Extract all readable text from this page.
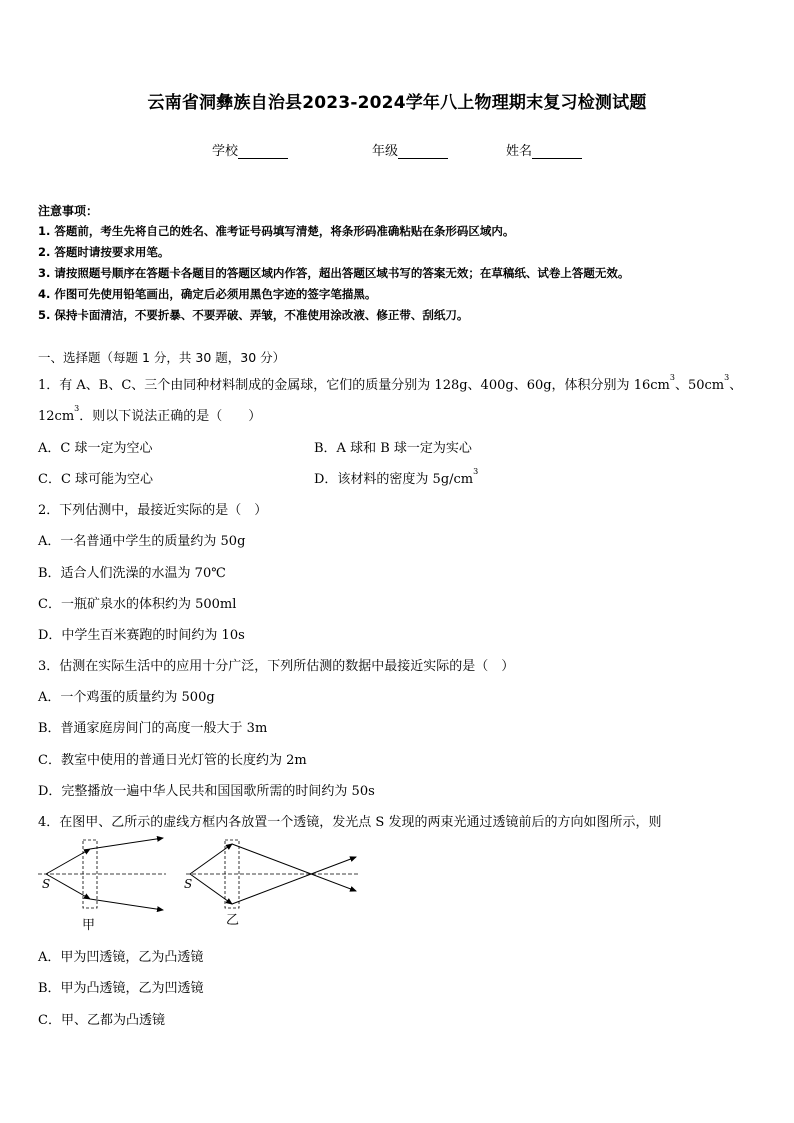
云南省洞彝族自治县2023-2024学年八上物理期末复习检测试题
学校	年级	姓名
注意事项：
1. 答题前，考生先将自己的姓名、准考证号码填写清楚，将条形码准确粘贴在条形码区域内。
2. 答题时请按要求用笔。
3. 请按照题号顺序在答题卡各题目的答题区域内作答，超出答题区域书写的答案无效；在草稿纸、试卷上答题无效。
4. 作图可先使用铅笔画出，确定后必须用黑色字迹的签字笔描黑。
5. 保持卡面清洁，不要折暴、不要弄破、弄皱，不准使用涂改液、修正带、刮纸刀。
一、选择题（每题 1 分，共 30 题，30 分）
1．有 A、B、C、三个由同种材料制成的金属球，它们的质量分别为 128g、400g、60g，体积分别为 $16cm^3$、$50cm^3$、
$12cm^3$．则以下说法正确的是（　　）
A．C 球一定为空心	B．A 球和 B 球一定为实心
C．C 球可能为空心	D．该材料的密度为 $5g/cm^3$
2．下列估测中，最接近实际的是（　）
A．一名普通中学生的质量约为 50g
B．适合人们洗澡的水温为 70℃
C．一瓶矿泉水的体积约为 500ml
D．中学生百米赛跑的时间约为 10s
3．估测在实际生活中的应用十分广泛，下列所估测的数据中最接近实际的是（　）
A．一个鸡蛋的质量约为 500g
B．普通家庭房间门的高度一般大于 3m
C．教室中使用的普通日光灯管的长度约为 2m
D．完整播放一遍中华人民共和国国歌所需的时间约为 50s
4．在图甲、乙所示的虚线方框内各放置一个透镜，发光点 S 发现的两束光通过透镜前后的方向如图所示，则
S	S
甲	乙
A．甲为凹透镜，乙为凸透镜
B．甲为凸透镜，乙为凹透镜
C．甲、乙都为凸透镜
